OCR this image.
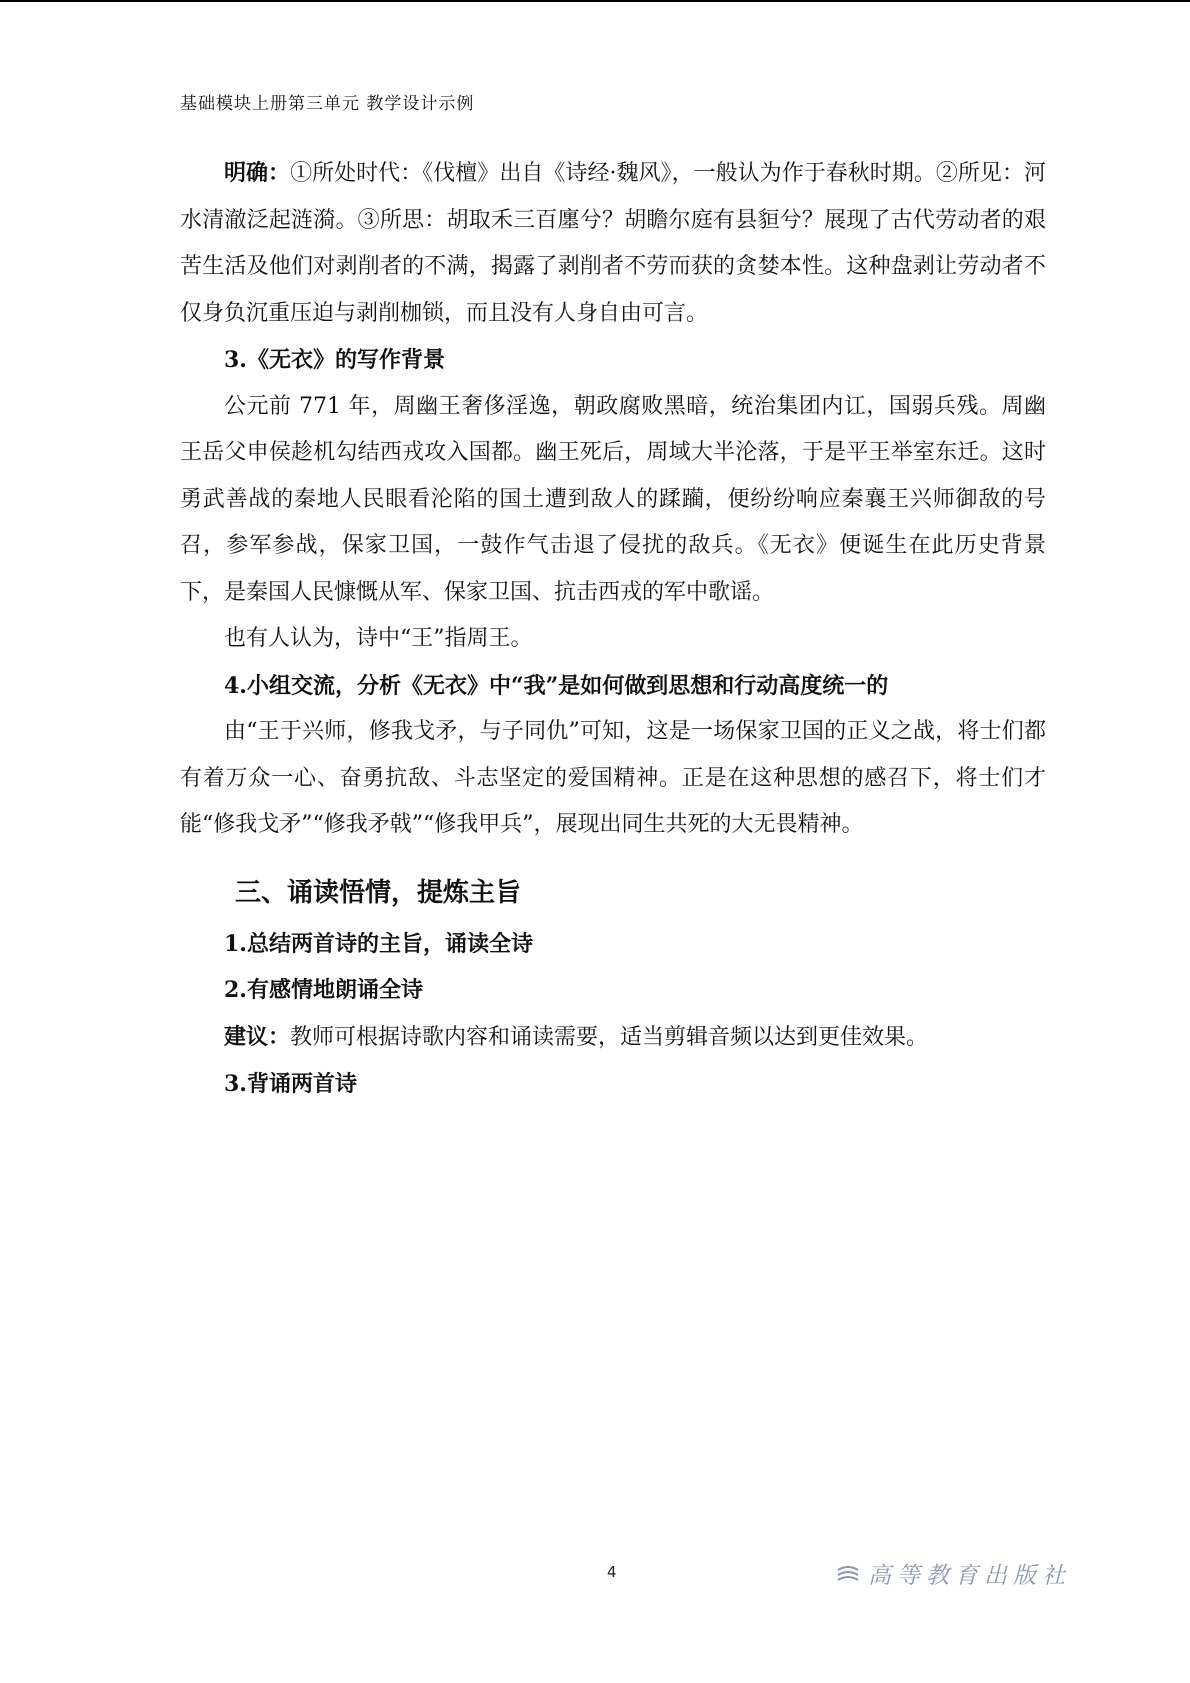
基础模块上册第三单元 教学设计示例

明确：①所处时代：《伐檀》出自《诗经·魏风》，一般认为作于春秋时期。②所见：河水清澈泛起涟漪。③所思：胡取禾三百廛兮？胡瞻尔庭有县貆兮？展现了古代劳动者的艰苦生活及他们对剥削者的不满，揭露了剥削者不劳而获的贪婪本性。这种盘剥让劳动者不仅身负沉重压迫与剥削枷锁，而且没有人身自由可言。

3.《无衣》的写作背景

公元前 771 年，周幽王奢侈淫逸，朝政腐败黑暗，统治集团内讧，国弱兵残。周幽王岳父申侯趁机勾结西戎攻入国都。幽王死后，周域大半沦落，于是平王举室东迁。这时勇武善战的秦地人民眼看沦陷的国土遭到敌人的蹂躏，便纷纷响应秦襄王兴师御敌的号召，参军参战，保家卫国，一鼓作气击退了侵扰的敌兵。《无衣》便诞生在此历史背景下，是秦国人民慷慨从军、保家卫国、抗击西戎的军中歌谣。

也有人认为，诗中“王”指周王。

4.小组交流，分析《无衣》中“我”是如何做到思想和行动高度统一的

由“王于兴师，修我戈矛，与子同仇”可知，这是一场保家卫国的正义之战，将士们都有着万众一心、奋勇抗敌、斗志坚定的爱国精神。正是在这种思想的感召下，将士们才能“修我戈矛”“修我矛戟”“修我甲兵”，展现出同生共死的大无畏精神。

三、诵读悟情，提炼主旨

1.总结两首诗的主旨，诵读全诗

2.有感情地朗诵全诗

建议：教师可根据诗歌内容和诵读需要，适当剪辑音频以达到更佳效果。

3.背诵两首诗

4	高等教育出版社
